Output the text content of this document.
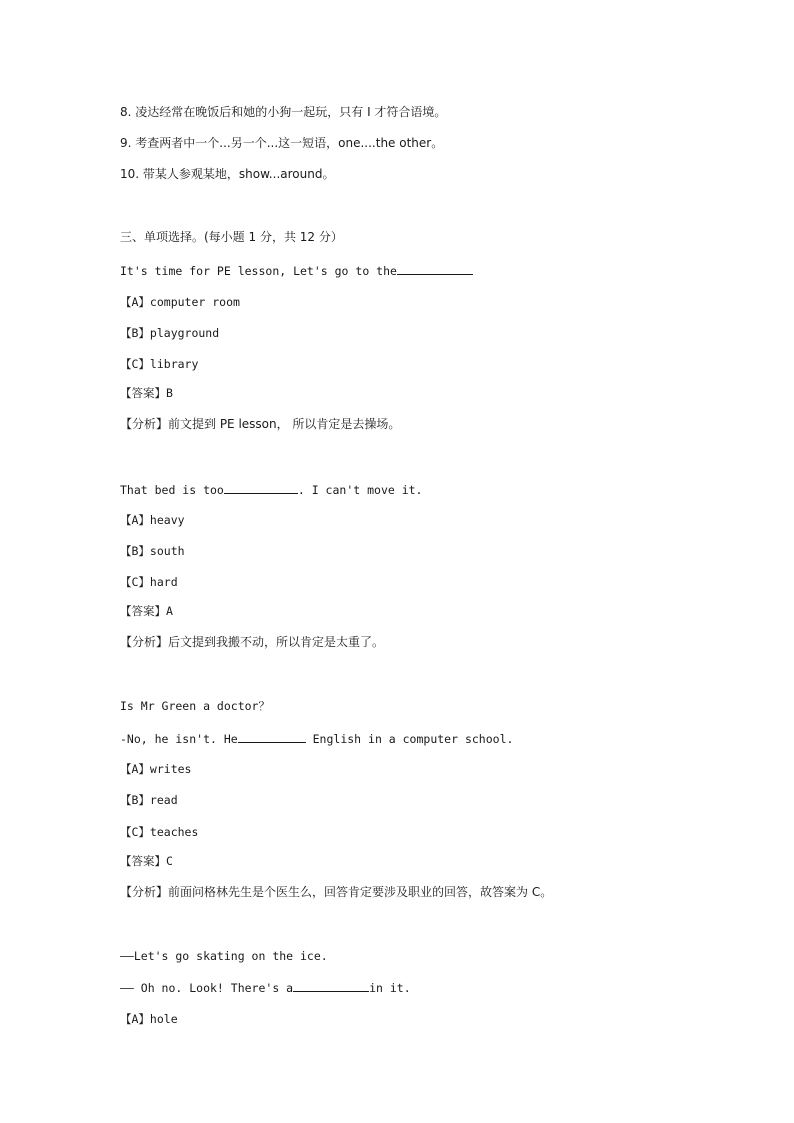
8. 凌达经常在晚饭后和她的小狗一起玩，只有 I 才符合语境。
9. 考查两者中一个...另一个...这一短语，one....the other。
10. 带某人参观某地，show...around。
三、单项选择。(每小题 1 分，共 12 分）
It's time for PE lesson, Let's go to the
【A】computer room
【B】playground
【C】library
【答案】B
【分析】前文提到 PE lesson， 所以肯定是去操场。
That bed is too	. I can't move it.
【A】heavy
【B】south
【C】hard
【答案】A
【分析】后文提到我搬不动，所以肯定是太重了。
Is Mr Green a doctor？
-No, he isn't. He	English in a computer school.
【A】writes
【B】read
【C】teaches
【答案】C
【分析】前面问格林先生是个医生么，回答肯定要涉及职业的回答，故答案为 C。
——Let's go skating on the ice.
—— Oh no. Look! There's a	in it.
【A】hole
